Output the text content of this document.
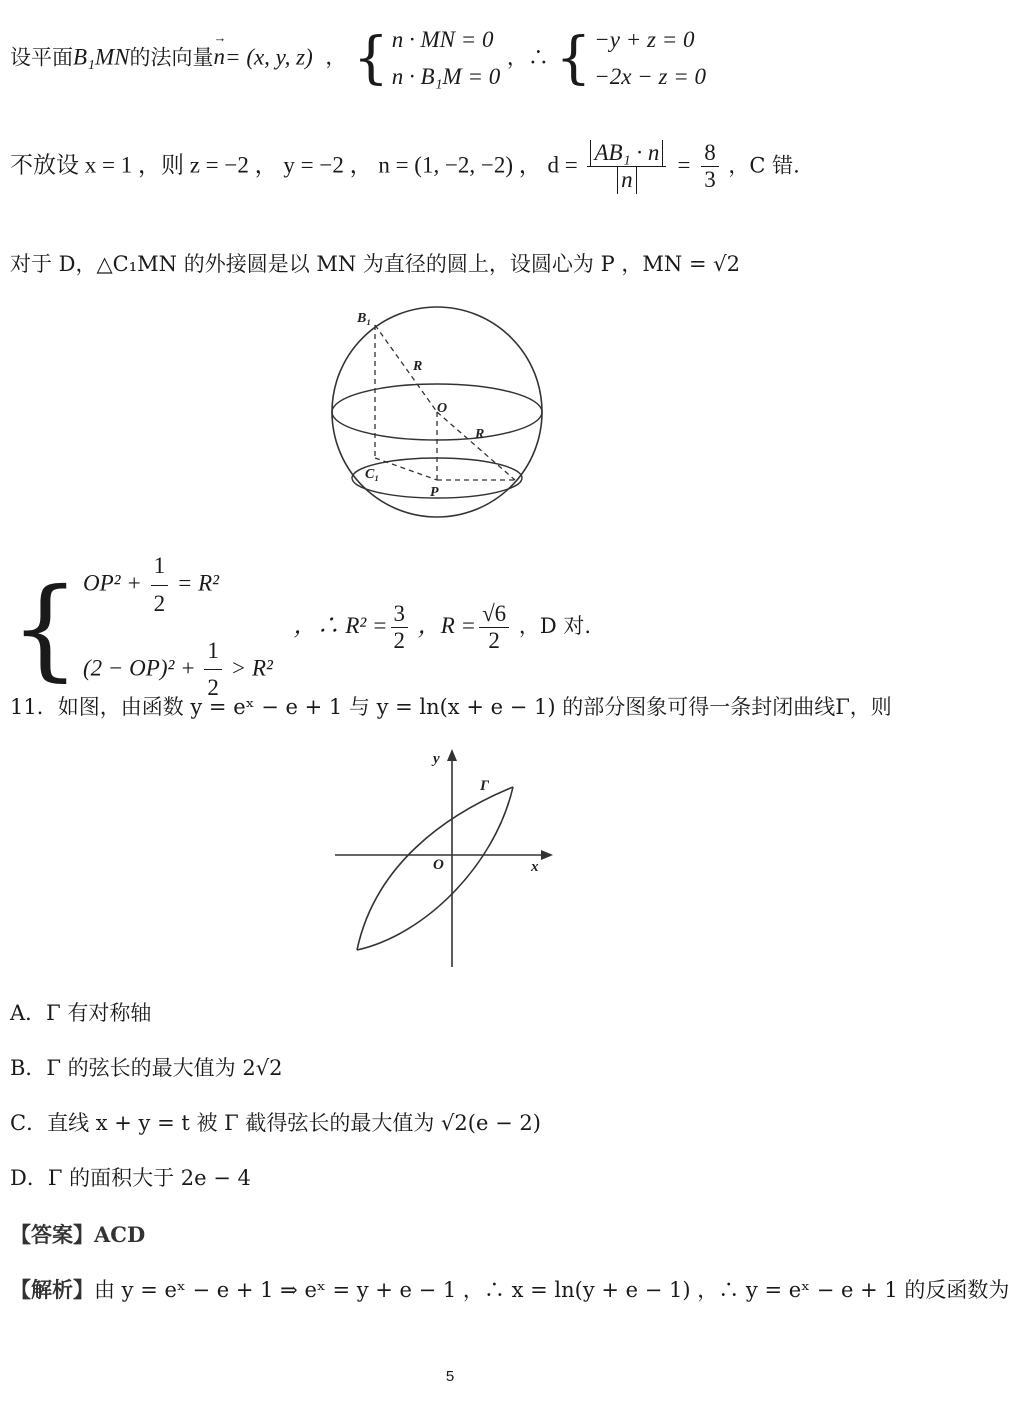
设平面B₁MN的法向量→ n= (x, y, z) ， { n · MN = 0
n · B₁M = 0
，∴ { −y + z = 0
−2x − z = 0
不放设 x = 1 ，则 z = −2 ， y = −2 ， n = (1, −2, −2) ， $d = \frac{\text{AB₁ · n}}{n} = \frac{8}{3}$ ，C 错.
对于 D，△C₁MN 的外接圆是以 MN 为直径的圆上，设圆心为 P ，MN = √2
B₁
R
O
R
C₁
P
{ $OP^2 + \frac{1}{2} = R^2$
$(2 - OP)^2 + \frac{1}{2} > R^2$
，∴ $R^2 = \frac{3}{2}$ ，$R = \frac{√6}{2}$ ，D 对.
11．如图，由函数 y = eˣ − e + 1 与 y = ln(x + e − 1) 的部分图象可得一条封闭曲线Γ，则
y
x
O
Γ
A．Γ 有对称轴
B．Γ 的弦长的最大值为 2√2
C．直线 x + y = t 被 Γ 截得弦长的最大值为 √2(e − 2)
D．Γ 的面积大于 2e − 4
【答案】ACD
【解析】由 y = eˣ − e + 1 ⇒ eˣ = y + e − 1 ，∴ x = ln(y + e − 1) ，∴ y = eˣ − e + 1 的反函数为
5
